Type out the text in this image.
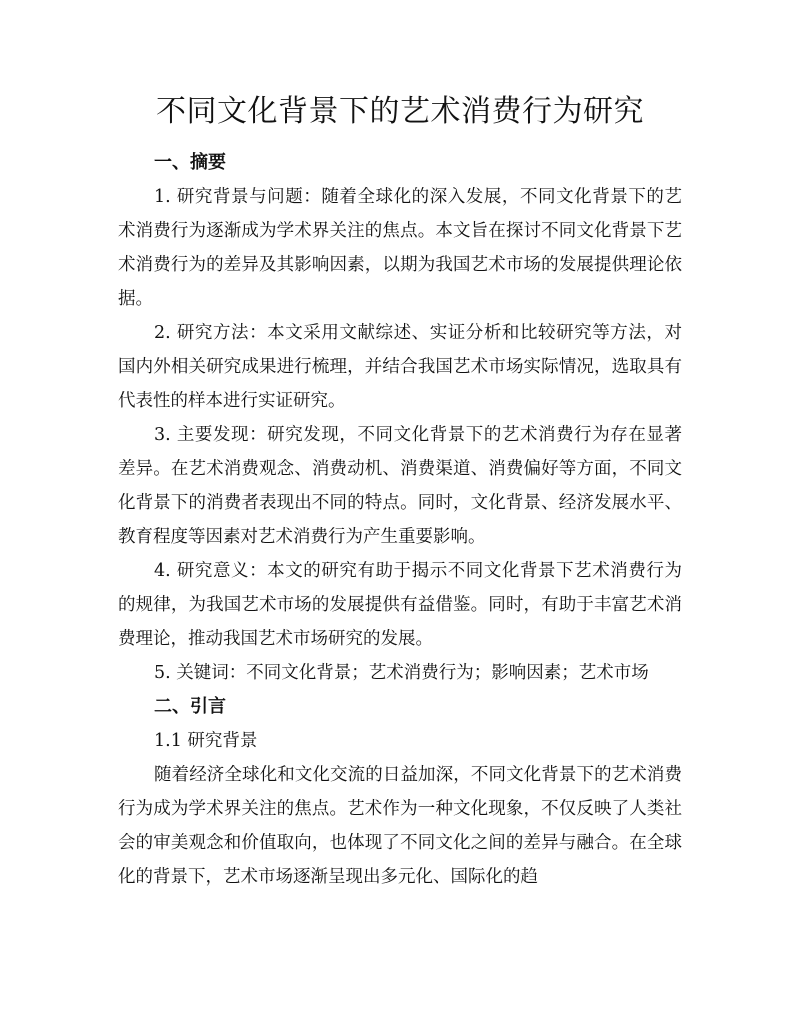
不同文化背景下的艺术消费行为研究
一、摘要

1. 研究背景与问题：随着全球化的深入发展，不同文化背景下的艺术消费行为逐渐成为学术界关注的焦点。本文旨在探讨不同文化背景下艺术消费行为的差异及其影响因素，以期为我国艺术市场的发展提供理论依据。

2. 研究方法：本文采用文献综述、实证分析和比较研究等方法，对国内外相关研究成果进行梳理，并结合我国艺术市场实际情况，选取具有代表性的样本进行实证研究。

3. 主要发现：研究发现，不同文化背景下的艺术消费行为存在显著差异。在艺术消费观念、消费动机、消费渠道、消费偏好等方面，不同文化背景下的消费者表现出不同的特点。同时，文化背景、经济发展水平、教育程度等因素对艺术消费行为产生重要影响。

4. 研究意义：本文的研究有助于揭示不同文化背景下艺术消费行为的规律，为我国艺术市场的发展提供有益借鉴。同时，有助于丰富艺术消费理论，推动我国艺术市场研究的发展。

5. 关键词：不同文化背景；艺术消费行为；影响因素；艺术市场

二、引言
1.1 研究背景

随着经济全球化和文化交流的日益加深，不同文化背景下的艺术消费行为成为学术界关注的焦点。艺术作为一种文化现象，不仅反映了人类社会的审美观念和价值取向，也体现了不同文化之间的差异与融合。在全球化的背景下，艺术市场逐渐呈现出多元化、国际化的趋
